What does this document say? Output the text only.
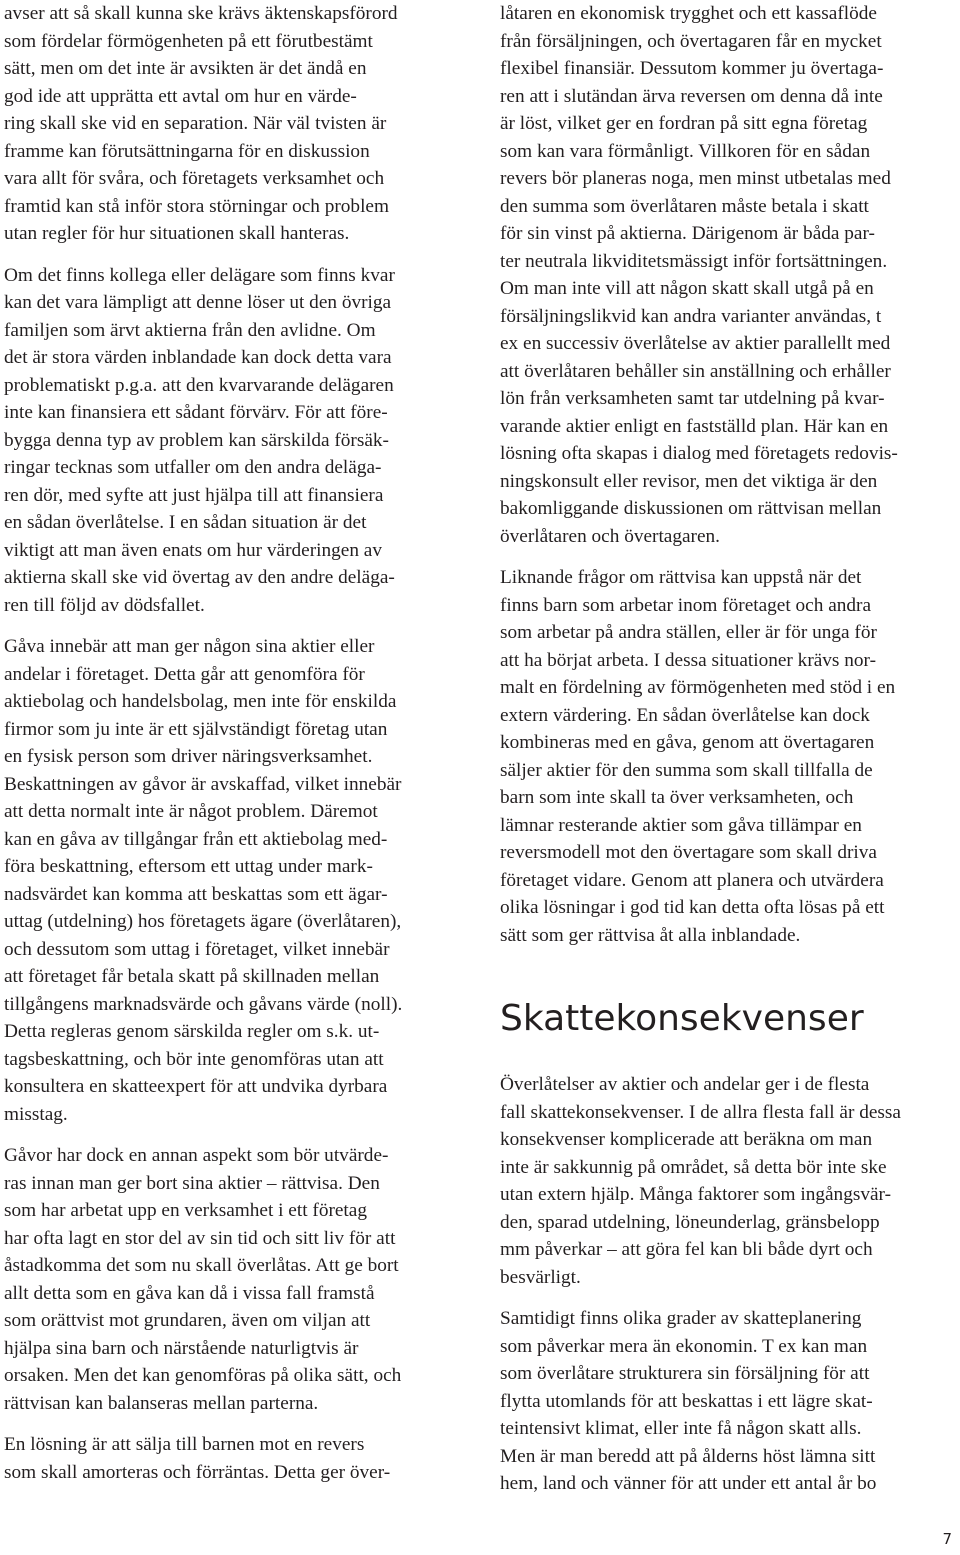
avser att så skall kunna ske krävs äktenskapsförord
som fördelar förmögenheten på ett förutbestämt
sätt, men om det inte är avsikten är det ändå en
god ide att upprätta ett avtal om hur en värde-
ring skall ske vid en separation. När väl tvisten är
framme kan förutsättningarna för en diskussion
vara allt för svåra, och företagets verksamhet och
framtid kan stå inför stora störningar och problem
utan regler för hur situationen skall hanteras.

Om det finns kollega eller delägare som finns kvar
kan det vara lämpligt att denne löser ut den övriga
familjen som ärvt aktierna från den avlidne. Om
det är stora värden inblandade kan dock detta vara
problematiskt p.g.a. att den kvarvarande delägaren
inte kan finansiera ett sådant förvärv. För att före-
bygga denna typ av problem kan särskilda försäk-
ringar tecknas som utfaller om den andra deläga-
ren dör, med syfte att just hjälpa till att finansiera
en sådan överlåtelse. I en sådan situation är det
viktigt att man även enats om hur värderingen av
aktierna skall ske vid övertag av den andre deläga-
ren till följd av dödsfallet.

Gåva innebär att man ger någon sina aktier eller
andelar i företaget. Detta går att genomföra för
aktiebolag och handelsbolag, men inte för enskilda
firmor som ju inte är ett självständigt företag utan
en fysisk person som driver näringsverksamhet.
Beskattningen av gåvor är avskaffad, vilket innebär
att detta normalt inte är något problem. Däremot
kan en gåva av tillgångar från ett aktiebolag med-
föra beskattning, eftersom ett uttag under mark-
nadsvärdet kan komma att beskattas som ett ägar-
uttag (utdelning) hos företagets ägare (överlåtaren),
och dessutom som uttag i företaget, vilket innebär
att företaget får betala skatt på skillnaden mellan
tillgångens marknadsvärde och gåvans värde (noll).
Detta regleras genom särskilda regler om s.k. ut-
tagsbeskattning, och bör inte genomföras utan att
konsultera en skatteexpert för att undvika dyrbara
misstag.

Gåvor har dock en annan aspekt som bör utvärde-
ras innan man ger bort sina aktier – rättvisa. Den
som har arbetat upp en verksamhet i ett företag
har ofta lagt en stor del av sin tid och sitt liv för att
åstadkomma det som nu skall överlåtas. Att ge bort
allt detta som en gåva kan då i vissa fall framstå
som orättvist mot grundaren, även om viljan att
hjälpa sina barn och närstående naturligtvis är
orsaken. Men det kan genomföras på olika sätt, och
rättvisan kan balanseras mellan parterna.

En lösning är att sälja till barnen mot en revers
som skall amorteras och förräntas. Detta ger över-

låtaren en ekonomisk trygghet och ett kassaflöde
från försäljningen, och övertagaren får en mycket
flexibel finansiär. Dessutom kommer ju övertaga-
ren att i slutändan ärva reversen om denna då inte
är löst, vilket ger en fordran på sitt egna företag
som kan vara förmånligt. Villkoren för en sådan
revers bör planeras noga, men minst utbetalas med
den summa som överlåtaren måste betala i skatt
för sin vinst på aktierna. Därigenom är båda par-
ter neutrala likviditetsmässigt inför fortsättningen.
Om man inte vill att någon skatt skall utgå på en
försäljningslikvid kan andra varianter användas, t
ex en successiv överlåtelse av aktier parallellt med
att överlåtaren behåller sin anställning och erhåller
lön från verksamheten samt tar utdelning på kvar-
varande aktier enligt en fastställd plan. Här kan en
lösning ofta skapas i dialog med företagets redovis-
ningskonsult eller revisor, men det viktiga är den
bakomliggande diskussionen om rättvisan mellan
överlåtaren och övertagaren.

Liknande frågor om rättvisa kan uppstå när det
finns barn som arbetar inom företaget och andra
som arbetar på andra ställen, eller är för unga för
att ha börjat arbeta. I dessa situationer krävs nor-
malt en fördelning av förmögenheten med stöd i en
extern värdering. En sådan överlåtelse kan dock
kombineras med en gåva, genom att övertagaren
säljer aktier för den summa som skall tillfalla de
barn som inte skall ta över verksamheten, och
lämnar resterande aktier som gåva tillämpar en
reversmodell mot den övertagare som skall driva
företaget vidare. Genom att planera och utvärdera
olika lösningar i god tid kan detta ofta lösas på ett
sätt som ger rättvisa åt alla inblandade.

Skattekonsekvenser

Överlåtelser av aktier och andelar ger i de flesta
fall skattekonsekvenser. I de allra flesta fall är dessa
konsekvenser komplicerade att beräkna om man
inte är sakkunnig på området, så detta bör inte ske
utan extern hjälp. Många faktorer som ingångsvär-
den, sparad utdelning, löneunderlag, gränsbelopp
mm påverkar – att göra fel kan bli både dyrt och
besvärligt.

Samtidigt finns olika grader av skatteplanering
som påverkar mera än ekonomin. T ex kan man
som överlåtare strukturera sin försäljning för att
flytta utomlands för att beskattas i ett lägre skat-
teintensivt klimat, eller inte få någon skatt alls.
Men är man beredd att på ålderns höst lämna sitt
hem, land och vänner för att under ett antal år bo

7
